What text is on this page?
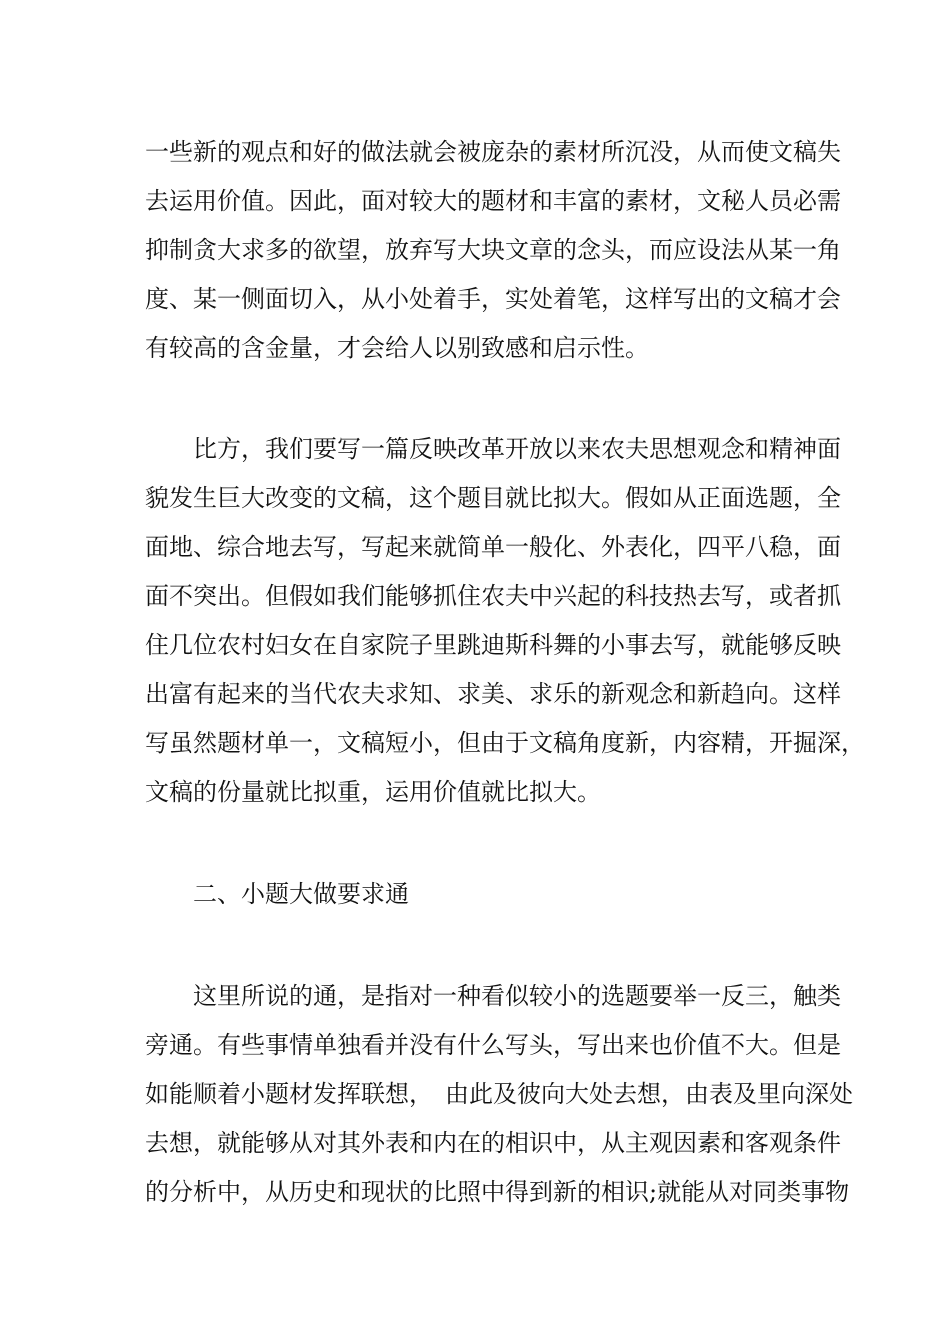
一些新的观点和好的做法就会被庞杂的素材所沉没，从而使文稿失
去运用价值。因此，面对较大的题材和丰富的素材，文秘人员必需
抑制贪大求多的欲望，放弃写大块文章的念头，而应设法从某一角
度、某一侧面切入，从小处着手，实处着笔，这样写出的文稿才会
有较高的含金量，才会给人以别致感和启示性。
比方，我们要写一篇反映改革开放以来农夫思想观念和精神面
貌发生巨大改变的文稿，这个题目就比拟大。假如从正面选题，全
面地、综合地去写，写起来就简单一般化、外表化，四平八稳，面
面不突出。但假如我们能够抓住农夫中兴起的科技热去写，或者抓
住几位农村妇女在自家院子里跳迪斯科舞的小事去写，就能够反映
出富有起来的当代农夫求知、求美、求乐的新观念和新趋向。这样
写虽然题材单一，文稿短小，但由于文稿角度新，内容精，开掘深，
文稿的份量就比拟重，运用价值就比拟大。
二、小题大做要求通
这里所说的通，是指对一种看似较小的选题要举一反三，触类
旁通。有些事情单独看并没有什么写头，写出来也价值不大。但是
如能顺着小题材发挥联想，　由此及彼向大处去想，由表及里向深处
去想，就能够从对其外表和内在的相识中，从主观因素和客观条件
的分析中，从历史和现状的比照中得到新的相识;就能从对同类事物
